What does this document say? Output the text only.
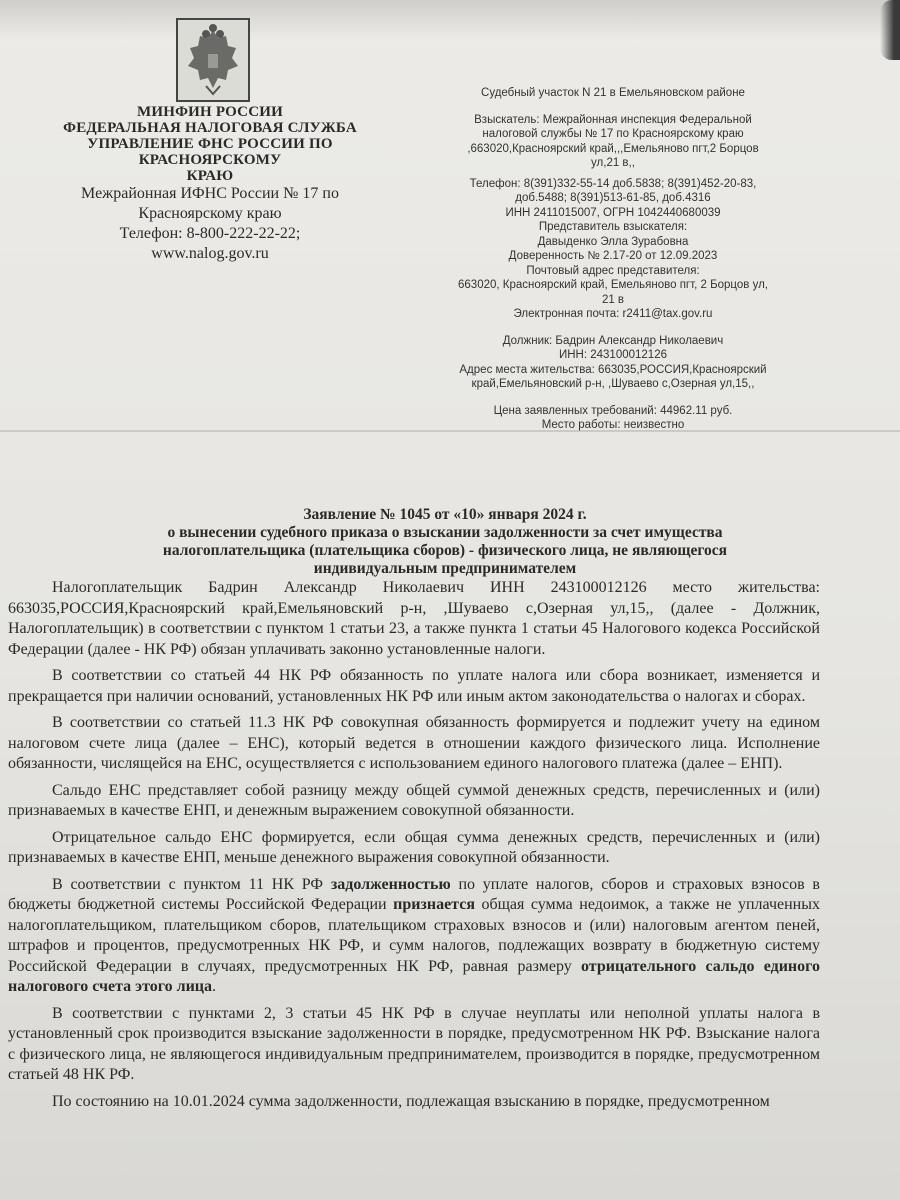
МИНФИН РОССИИ
ФЕДЕРАЛЬНАЯ НАЛОГОВАЯ СЛУЖБА
УПРАВЛЕНИЕ ФНС РОССИИ ПО КРАСНОЯРСКОМУ
КРАЮ
Межрайонная ИФНС России № 17 по
Красноярскому краю
Телефон: 8-800-222-22-22;
www.nalog.gov.ru
Судебный участок N 21 в Емельяновском районе
Взыскатель: Межрайонная инспекция Федеральной
налоговой службы № 17 по Красноярскому краю
,663020,Красноярский край,,,Емельяново пгт,2 Борцов
ул,21 в,,
Телефон: 8(391)332-55-14 доб.5838; 8(391)452-20-83,
доб.5488; 8(391)513-61-85, доб.4316
ИНН 2411015007, ОГРН 1042440680039
Представитель взыскателя:
Давыденко Элла Зурабовна
Доверенность № 2.17-20 от 12.09.2023
Почтовый адрес представителя:
663020, Красноярский край, Емельяново пгт, 2 Борцов ул,
21 в
Электронная почта: r2411@tax.gov.ru
Должник: Бадрин Александр Николаевич
ИНН: 243100012126
Адрес места жительства: 663035,РОССИЯ,Красноярский
край,Емельяновский р-н, ,Шуваево с,Озерная ул,15,,
Цена заявленных требований: 44962.11 руб.
Место работы: неизвестно
Заявление № 1045 от «10» января 2024 г.
о вынесении судебного приказа о взыскании задолженности за счет имущества
налогоплательщика (плательщика сборов) - физического лица, не являющегося
индивидуальным предпринимателем

Налогоплательщик Бадрин Александр Николаевич ИНН 243100012126 место жительства: 663035,РОССИЯ,Красноярский край,Емельяновский р-н, ,Шуваево с,Озерная ул,15,, (далее - Должник, Налогоплательщик) в соответствии с пунктом 1 статьи 23, а также пункта 1 статьи 45 Налогового кодекса Российской Федерации (далее - НК РФ) обязан уплачивать законно установленные налоги.

В соответствии со статьей 44 НК РФ обязанность по уплате налога или сбора возникает, изменяется и прекращается при наличии оснований, установленных НК РФ или иным актом законодательства о налогах и сборах.

В соответствии со статьей 11.3 НК РФ совокупная обязанность формируется и подлежит учету на едином налоговом счете лица (далее – ЕНС), который ведется в отношении каждого физического лица. Исполнение обязанности, числящейся на ЕНС, осуществляется с использованием единого налогового платежа (далее – ЕНП).

Сальдо ЕНС представляет собой разницу между общей суммой денежных средств, перечисленных и (или) признаваемых в качестве ЕНП, и денежным выражением совокупной обязанности.

Отрицательное сальдо ЕНС формируется, если общая сумма денежных средств, перечисленных и (или) признаваемых в качестве ЕНП, меньше денежного выражения совокупной обязанности.

В соответствии с пунктом 11 НК РФ задолженностью по уплате налогов, сборов и страховых взносов в бюджеты бюджетной системы Российской Федерации признается общая сумма недоимок, а также не уплаченных налогоплательщиком, плательщиком сборов, плательщиком страховых взносов и (или) налоговым агентом пеней, штрафов и процентов, предусмотренных НК РФ, и сумм налогов, подлежащих возврату в бюджетную систему Российской Федерации в случаях, предусмотренных НК РФ, равная размеру отрицательного сальдо единого налогового счета этого лица.

В соответствии с пунктами 2, 3 статьи 45 НК РФ в случае неуплаты или неполной уплаты налога в установленный срок производится взыскание задолженности в порядке, предусмотренном НК РФ. Взыскание налога с физического лица, не являющегося индивидуальным предпринимателем, производится в порядке, предусмотренном статьей 48 НК РФ.

По состоянию на 10.01.2024 сумма задолженности, подлежащая взысканию в порядке, предусмотренном
